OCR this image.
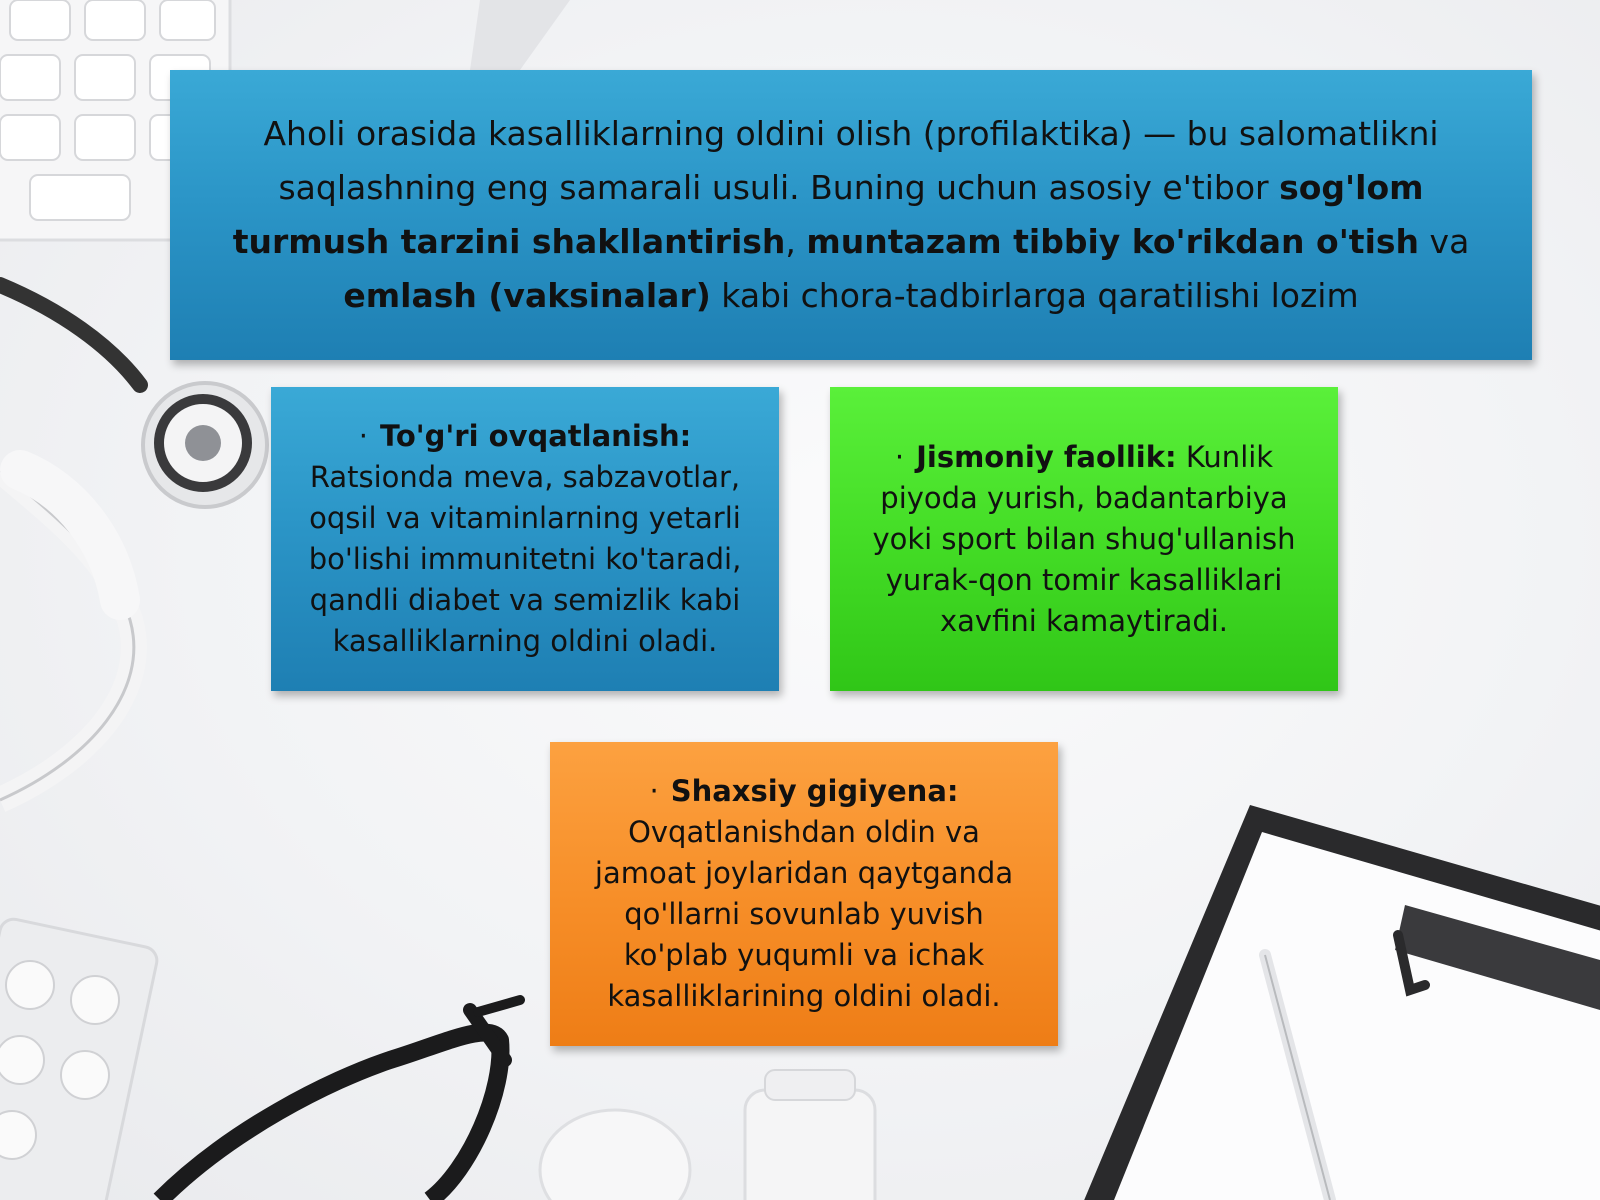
Aholi orasida kasalliklarning oldini olish (profilaktika) — bu salomatlikni saqlashning eng samarali usuli. Buning uchun asosiy e'tibor sog'lom turmush tarzini shakllantirish, muntazam tibbiy ko'rikdan o'tish va emlash (vaksinalar) kabi chora-tadbirlarga qaratilishi lozim
· To'g'ri ovqatlanish: Ratsionda meva, sabzavotlar, oqsil va vitaminlarning yetarli bo'lishi immunitetni ko'taradi, qandli diabet va semizlik kabi kasalliklarning oldini oladi.
· Jismoniy faollik: Kunlik piyoda yurish, badantarbiya yoki sport bilan shug'ullanish yurak-qon tomir kasalliklari xavfini kamaytiradi.
· Shaxsiy gigiyena: Ovqatlanishdan oldin va jamoat joylaridan qaytganda qo'llarni sovunlab yuvish ko'plab yuqumli va ichak kasalliklarining oldini oladi.
